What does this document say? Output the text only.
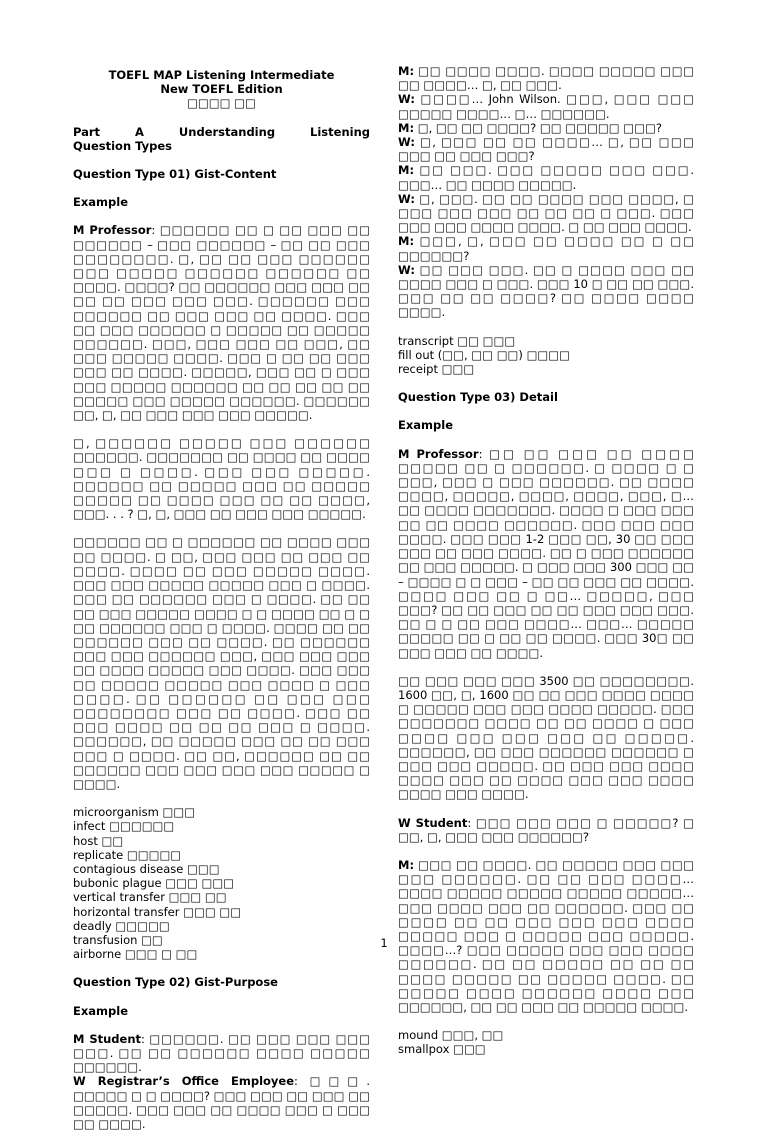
TOEFL MAP Listening Intermediate
New TOEFL Edition
□□□□ □□
Part A Understanding Listening
Question Types
Question Type 01) Gist-Content
Example

M Professor: □□□□□□ □□ □ □□ □□□ □□ □□□□□□ – □□□ □□□□□□ – □□ □□ □□□ □□□□□□□□. □, □□ □□ □□□ □□□□□□ □□□ □□□□□ □□□□□□ □□□□□□ □□ □□□□. □□□□? □□ □□□□□□ □□□ □□□ □□ □□ □□ □□□ □□□ □□□. □□□□□□ □□□ □□□□□□ □□ □□□ □□□ □□ □□□□. □□□ □□ □□□ □□□□□□ □ □□□□□ □□ □□□□□ □□□□□□. □□□, □□□ □□□ □□ □□□, □□ □□□ □□□□□ □□□□. □□□ □ □□ □□ □□□ □□□ □□ □□□□. □□□□□, □□□ □□ □ □□□ □□□ □□□□□ □□□□□□ □□ □□ □□ □□ □□ □□□□□ □□□ □□□□□ □□□□□□. □□□□□□ □□, □, □□ □□□ □□□ □□□ □□□□□.

□, □□□□□□ □□□□□ □□□ □□□□□□ □□□□□□. □□□□□□□ □□ □□□□ □□ □□□□ □□□ □ □□□□. □□□ □□□ □□□□□. □□□□□□ □□ □□□□□ □□□ □□ □□□□□ □□□□□ □□ □□□□ □□□ □□ □□ □□□□, □□□. . . ? □, □, □□□ □□ □□□ □□□ □□□□□.

□□□□□□ □□ □ □□□□□□ □□ □□□□ □□□ □□ □□□□. □ □□, □□□ □□□ □□ □□□ □□ □□□□. □□□□ □□ □□□ □□□□□ □□□□. □□□ □□□ □□□□□ □□□□□ □□□ □ □□□□. □□□ □□ □□□□□□ □□□ □ □□□□. □□ □□ □□ □□□ □□□□□ □□□□ □ □ □□□□ □□ □ □ □□ □□□□□□ □□□ □ □□□□. □□□□ □□ □□ □□□□□□ □□□ □□ □□□□. □□ □□□□□□ □□□ □□□ □□□□□□ □□□, □□□ □□□ □□□ □□ □□□□ □□□□□ □□□ □□□□. □□□ □□□ □□ □□□□□ □□□□□ □□□ □□□□ □ □□□ □□□□. □□ □□□□□□ □□ □□□ □□□ □□□□□□□□ □□□ □□ □□□□. □□□ □□ □□□ □□□□ □□ □□ □□ □□□ □ □□□□. □□□□□□, □□ □□□□□ □□□ □□ □□ □□□ □□□ □ □□□□. □□ □□, □□□□□□ □□ □□ □□□□□□ □□□ □□□ □□□ □□□ □□□□□ □ □□□□.

microorganism □□□
infect □□□□□□
host □□
replicate □□□□□
contagious disease □□□
bubonic plague □□□ □□□
vertical transfer □□□ □□
horizontal transfer □□□ □□
deadly □□□□□
transfusion □□
airborne □□□ □ □□
Question Type 02) Gist-Purpose
Example
M Student: □□□□□□. □□ □□□ □□□ □□□ □□□. □□ □□ □□□□□□ □□□□ □□□□□ □□□□□□.
W Registrar’s Office Employee: □□□. □□□□□ □ □ □□□□? □□□ □□□ □□ □□□ □□ □□□□□. □□□ □□□ □□ □□□□ □□□ □ □□□ □□ □□□□.
M: □□ □□□□ □□□□. □□□□ □□□□□ □□□ □□ □□□□… □, □□ □□□.
W: □□□□… John Wilson. □□□, □□□ □□□ □□□□□ □□□□… □… □□□□□□.
M: □, □□ □□ □□□□? □□ □□□□□ □□□?
W: □, □□□ □□ □□ □□□□… □, □□ □□□ □□□ □□ □□□ □□□?
M: □□ □□□. □□□ □□□□□ □□□ □□□. □□□… □□ □□□□ □□□□□.
W: □, □□□. □□ □□ □□□□ □□□ □□□□, □ □□□ □□□ □□□ □□ □□ □□ □ □□□. □□□ □□□ □□□ □□□□ □□□□. □ □□ □□□ □□□□.
M: □□□, □, □□□ □□ □□□□ □□ □ □□ □□□□□□?
W: □□ □□□ □□□. □□ □ □□□□ □□□ □□ □□□□ □□□ □ □□□. □□□ 10 □ □□ □□ □□□. □□□ □□ □□ □□□□? □□ □□□□ □□□□ □□□□.
transcript □□ □□□
fill out (□□, □□ □□) □□□□
receipt □□□
Question Type 03) Detail
Example

M Professor: □□ □□ □□□ □□ □□□□ □□□□□ □□ □ □□□□□□. □ □□□□ □ □ □□□, □□□ □ □□□ □□□□□□. □□ □□□□ □□□□, □□□□□, □□□□, □□□□, □□□, □… □□ □□□□ □□□□□□□. □□□□ □ □□□ □□□ □□ □□ □□□□ □□□□□□. □□□ □□□ □□□ □□□□. □□□ □□□ 1-2 □□□ □□, 30 □□ □□□ □□□ □□ □□□ □□□□. □□ □ □□□ □□□□□□ □□ □□□ □□□□□. □ □□□ □□□ 300 □□□ □□ – □□□□ □ □ □□□ – □□ □□ □□□ □□ □□□□. □□□□ □□□ □□ □ □□… □□□□□, □□□ □□□? □□ □□ □□□ □□ □□ □□□ □□□ □□□. □□ □ □ □□ □□□ □□□□… □□□… □□□□□ □□□□□ □□ □ □□ □□ □□□□. □□□ 30□ □□ □□□ □□□ □□ □□□□.

□□ □□□ □□□ □□□ 3500 □□ □□□□□□□□. 1600 □□, □, 1600 □□ □□ □□□ □□□□ □□□□ □ □□□□□ □□□ □□□ □□□□ □□□□□. □□□ □□□□□□□ □□□□ □□ □□ □□□□ □ □□□ □□□□ □□□ □□□ □□□ □□ □□□□□. □□□□□□, □□ □□□ □□□□□□ □□□□□□ □ □□□ □□□ □□□□□. □□ □□□ □□□ □□□□ □□□□ □□□ □□ □□□□ □□□ □□□ □□□□ □□□□ □□□ □□□□.

W Student: □□□ □□□ □□□ □ □□□□□? □ □□, □, □□□ □□□ □□□□□□?

M: □□□ □□ □□□□. □□ □□□□□ □□□ □□□ □□□ □□□□□□. □□ □□ □□□ □□□□… □□□□ □□□□□ □□□□□ □□□□□ □□□□□… □□□ □□□□ □□□ □□ □□□□□□. □□□ □□ □□□□ □□ □□ □□□ □□□ □□□ □□□□ □□□□□ □□□ □ □□□□□ □□□ □□□□□. □□□□…? □□□ □□□□□ □□□ □□□ □□□□ □□□□□□. □□ □□ □□□□□ □□ □□ □□ □□□□ □□□□□ □□ □□□□□ □□□□. □□ □□□□□ □□□□ □□□□□□ □□□□ □□□ □□□□□□, □□ □□ □□□ □□ □□□□□ □□□□.

mound □□□, □□
smallpox □□□
1
